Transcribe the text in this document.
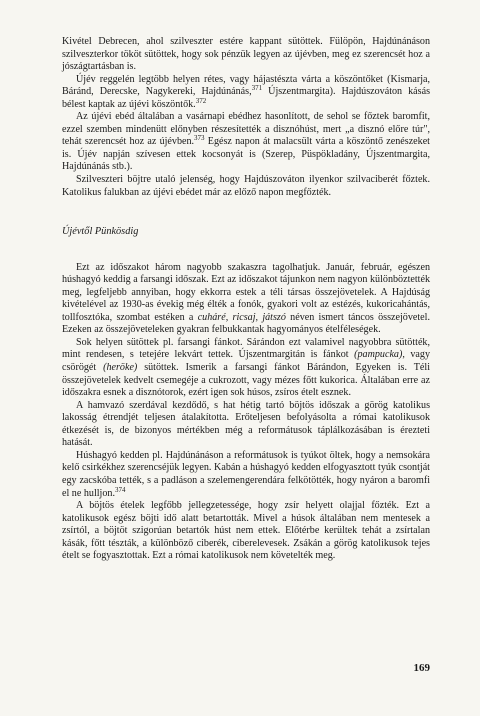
Kivétel Debrecen, ahol szilveszter estére kappant sütöttek. Fülöpön, Hajdúnánáson szilveszterkor tököt sütöttek, hogy sok pénzük legyen az újévben, meg ez szerencsét hoz a jószágtartásban is.

Újév reggelén legtöbb helyen rétes, vagy hájastészta várta a köszöntőket (Kismarja, Báránd, Derecske, Nagykereki, Hajdúnánás,$^{371}$ Újszentmargita). Hajdúszováton kásás bélest kaptak az újévi köszöntők.$^{372}$

Az újévi ebéd általában a vasárnapi ebédhez hasonlított, de sehol se főztek baromfit, ezzel szemben mindenütt előnyben részesítették a disznóhúst, mert „a disznó előre túr", tehát szerencsét hoz az újévben.$^{373}$ Egész napon át malacsült várta a köszöntő zenészeket is. Újév napján szívesen ettek kocsonyát is (Szerep, Püspökladány, Újszentmargita, Hajdúnánás stb.).

Szilveszteri böjtre utaló jelenség, hogy Hajdúszováton ilyenkor szilvaciberét főztek. Katolikus falukban az újévi ebédet már az előző napon megfőzték.

Újévtől Pünkösdig

Ezt az időszakot három nagyobb szakaszra tagolhatjuk. Január, február, egészen húshagyó keddig a farsangi időszak. Ezt az időszakot tájunkon nem nagyon különböztették meg, legfeljebb annyiban, hogy ekkorra estek a téli társas összejövetelek. A Hajdúság kivételével az 1930-as évekig még élték a fonók, gyakori volt az estézés, kukoricahántás, tollfosztóka, szombat estéken a cuháré, ricsaj, játszó néven ismert táncos összejövetel. Ezeken az összejöveteleken gyakran felbukkantak hagyományos ételféleségek.

Sok helyen sütöttek pl. farsangi fánkot. Sárándon ezt valamivel nagyobbra sütötték, mint rendesen, s tetejére lekvárt tettek. Újszentmargitán is fánkot (pampucka), vagy csörögét (heröke) sütöttek. Ismerik a farsangi fánkot Bárándon, Egyeken is. Téli összejövetelek kedvelt csemegéje a cukrozott, vagy mézes főtt kukorica. Általában erre az időszakra esnek a disznótorok, ezért igen sok húsos, zsíros ételt esznek.

A hamvazó szerdával kezdődő, s hat hétig tartó böjtös időszak a görög katolikus lakosság étrendjét teljesen átalakította. Erőteljesen befolyásolta a római katolikusok étkezését is, de bizonyos mértékben még a reformátusok táplálkozásában is érezteti hatását.

Húshagyó kedden pl. Hajdúnánáson a reformátusok is tyúkot öltek, hogy a nemsokára kelő csirkékhez szerencséjük legyen. Kabán a húshagyó kedden elfogyasztott tyúk csontját egy zacskóba tették, s a padláson a szelemengerendára felkötötték, hogy nyáron a baromfi el ne hulljon.$^{374}$

A böjtös ételek legfőbb jellegzetessége, hogy zsír helyett olajjal főzték. Ezt a katolikusok egész böjti idő alatt betartották. Mivel a húsok általában nem mentesek a zsírtól, a böjtöt szigorúan betartók húst nem ettek. Előtérbe kerültek tehát a zsírtalan kásák, főtt tészták, a különböző ciberék, ciberelevesek. Zsákán a görög katolikusok tejes ételt se fogyasztottak. Ezt a római katolikusok nem követelték meg.

169
